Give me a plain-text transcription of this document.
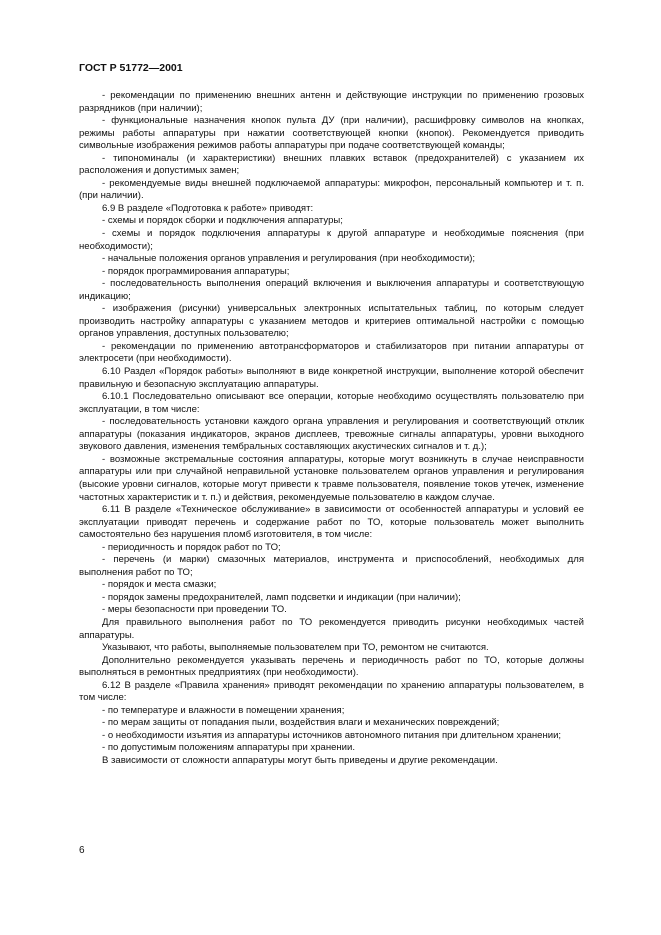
ГОСТ Р 51772—2001

- рекомендации по применению внешних антенн и действующие инструкции по применению грозовых разрядников (при наличии);

- функциональные назначения кнопок пульта ДУ (при наличии), расшифровку символов на кнопках, режимы работы аппаратуры при нажатии соответствующей кнопки (кнопок). Рекомендуется приводить символьные изображения режимов работы аппаратуры при подаче соответствующей команды;

- типономиналы (и характеристики) внешних плавких вставок (предохранителей) с указанием их расположения и допустимых замен;

- рекомендуемые виды внешней подключаемой аппаратуры: микрофон, персональный компьютер и т. п. (при наличии).

6.9 В разделе «Подготовка к работе» приводят:

- схемы и порядок сборки и подключения аппаратуры;

- схемы и порядок подключения аппаратуры к другой аппаратуре и необходимые пояснения (при необходимости);

- начальные положения органов управления и регулирования (при необходимости);

- порядок программирования аппаратуры;

- последовательность выполнения операций включения и выключения аппаратуры и соответствующую индикацию;

- изображения (рисунки) универсальных электронных испытательных таблиц, по которым следует производить настройку аппаратуры с указанием методов и критериев оптимальной настройки с помощью органов управления, доступных пользователю;

- рекомендации по применению автотрансформаторов и стабилизаторов при питании аппаратуры от электросети (при необходимости).

6.10 Раздел «Порядок работы» выполняют в виде конкретной инструкции, выполнение которой обеспечит правильную и безопасную эксплуатацию аппаратуры.

6.10.1 Последовательно описывают все операции, которые необходимо осуществлять пользователю при эксплуатации, в том числе:

- последовательность установки каждого органа управления и регулирования и соответствующий отклик аппаратуры (показания индикаторов, экранов дисплеев, тревожные сигналы аппаратуры, уровни выходного звукового давления, изменения тембральных составляющих акустических сигналов и т. д.);

- возможные экстремальные состояния аппаратуры, которые могут возникнуть в случае неисправности аппаратуры или при случайной неправильной установке пользователем органов управления и регулирования (высокие уровни сигналов, которые могут привести к травме пользователя, появление токов утечек, изменение частотных характеристик и т. п.) и действия, рекомендуемые пользователю в каждом случае.

6.11 В разделе «Техническое обслуживание» в зависимости от особенностей аппаратуры и условий ее эксплуатации приводят перечень и содержание работ по ТО, которые пользователь может выполнить самостоятельно без нарушения пломб изготовителя, в том числе:

- периодичность и порядок работ по ТО;

- перечень (и марки) смазочных материалов, инструмента и приспособлений, необходимых для выполнения работ по ТО;

- порядок и места смазки;

- порядок замены предохранителей, ламп подсветки и индикации (при наличии);

- меры безопасности при проведении ТО.

Для правильного выполнения работ по ТО рекомендуется приводить рисунки необходимых частей аппаратуры.

Указывают, что работы, выполняемые пользователем при ТО, ремонтом не считаются.

Дополнительно рекомендуется указывать перечень и периодичность работ по ТО, которые должны выполняться в ремонтных предприятиях (при необходимости).

6.12 В разделе «Правила хранения» приводят рекомендации по хранению аппаратуры пользователем, в том числе:

- по температуре и влажности в помещении хранения;

- по мерам защиты от попадания пыли, воздействия влаги и механических повреждений;

- о необходимости изъятия из аппаратуры источников автономного питания при длительном хранении;

- по допустимым положениям аппаратуры при хранении.

В зависимости от сложности аппаратуры могут быть приведены и другие рекомендации.

6
